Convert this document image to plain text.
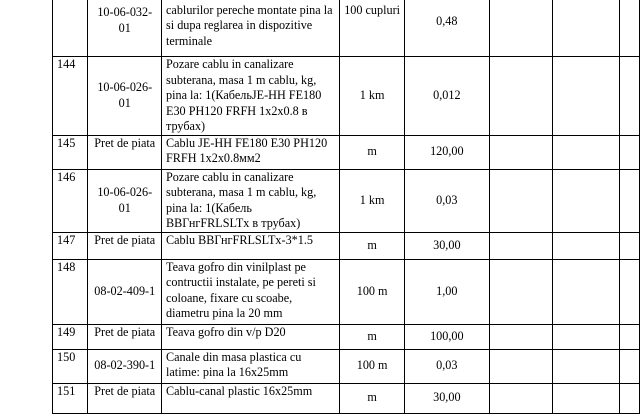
	10-06-032-01	cablurilor pereche montate pina la si dupa reglarea in dispozitive terminale	100 cupluri	0,48			
144	10-06-026-01	Pozare cablu in canalizare subterana, masa 1 m cablu, kg, pina la: 1(КабельJE-HH FE180 E30 PH120 FRFH 1x2x0.8 в трубах)	1 km	0,012			
145	Pret de piata	Cablu JE-HH FE180 E30 PH120 FRFH 1x2x0.8мм2	m	120,00			
146	10-06-026-01	Pozare cablu in canalizare subterana, masa 1 m cablu, kg, pina la: 1(Кабель ВВГнгFRLSLTx в трубах)	1 km	0,03			
147	Pret de piata	Cablu ВВГнгFRLSLTx-3*1.5	m	30,00			
148	08-02-409-1	Teava gofro din vinilplast pe contructii instalate, pe pereti si coloane, fixare cu scoabe, diametru pina la 20 mm	100 m	1,00			
149	Pret de piata	Teava gofro din v/p D20	m	100,00			
150	08-02-390-1	Canale din masa plastica cu latime: pina la 16x25mm	100 m	0,03			
151	Pret de piata	Cablu-canal plastic 16x25mm	m	30,00			
